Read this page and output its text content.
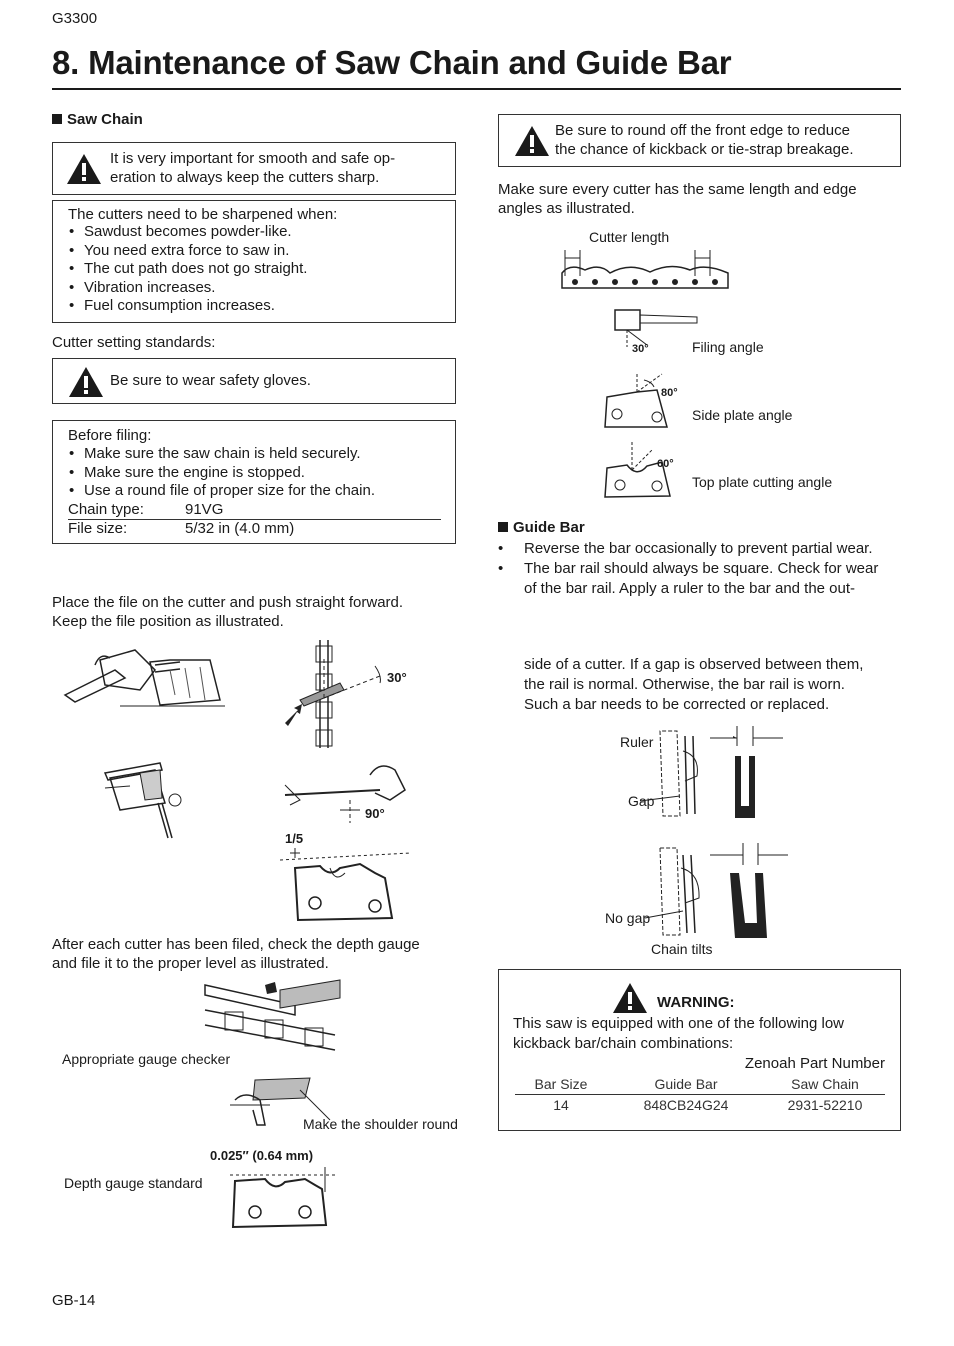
G3300
8. Maintenance of Saw Chain and Guide Bar
Saw Chain
It is very important for smooth and safe op-
eration to always keep the cutters sharp.
The cutters need to be sharpened when:
• Sawdust becomes powder-like.
• You need extra force to saw in.
• The cut path does not go straight.
• Vibration increases.
• Fuel consumption increases.
Cutter setting standards:
Be sure to wear safety gloves.
Before filing:
• Make sure the saw chain is held securely.
• Make sure the engine is stopped.
• Use a round file of proper size for the chain.
Chain type:	91VG
File size:	5/32 in (4.0 mm)
Place the file on the cutter and push straight forward.
Keep the file position as illustrated.
30°
90°
1/5
After each cutter has been filed, check the depth gauge
and file it to the proper level as illustrated.
Appropriate gauge checker
Make the shoulder round
0.025″ (0.64 mm)
Depth gauge standard
GB-14
Be sure to round off the front edge to reduce
the chance of kickback or tie-strap breakage.
Make sure every cutter has the same length and edge
angles as illustrated.
Cutter length
30°	Filing angle
80°
Side plate angle
60°
Top plate cutting angle
Guide Bar
• Reverse the bar occasionally to prevent partial wear.
• The bar rail should always be square. Check for wear
of the bar rail. Apply a ruler to the bar and the out-
side of a cutter. If a gap is observed between them,
the rail is normal. Otherwise, the bar rail is worn.
Such a bar needs to be corrected or replaced.
Ruler
Gap
No gap
Chain tilts
WARNING:
This saw is equipped with one of the following low
kickback bar/chain combinations:
Zenoah Part Number
Bar Size	Guide Bar	Saw Chain
14	848CB24G24	2931-52210
